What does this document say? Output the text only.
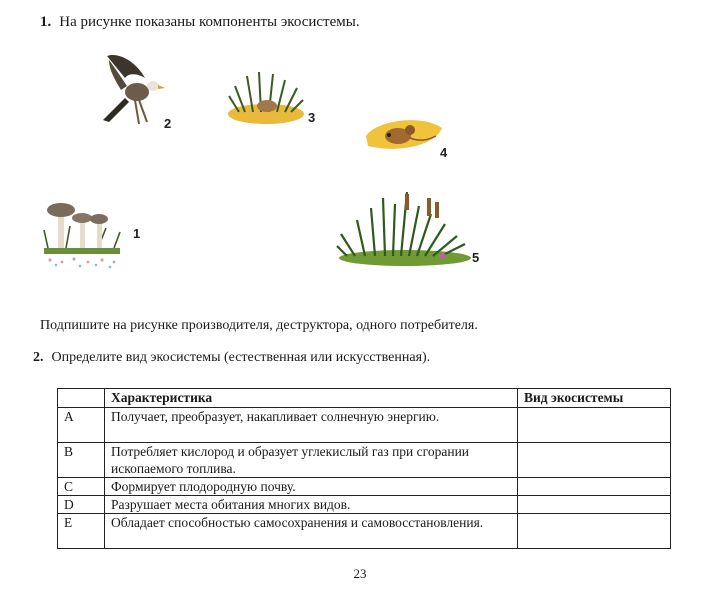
1. На рисунке показаны компоненты экосистемы.
2	3
4
1
5
Подпишите на рисунке производителя, деструктора, одного потребителя.
2. Определите вид экосистемы (естественная или искусственная).
	Характеристика	Вид экосистемы
А	Получает, преобразует, накапливает солнечную энергию.	
В	Потребляет кислород и образует углекислый газ при сгорании ископаемого топлива.	
С	Формирует плодородную почву.	
D	Разрушает места обитания многих видов.	
Е	Обладает способностью самосохранения и самовосстановления.	
23
